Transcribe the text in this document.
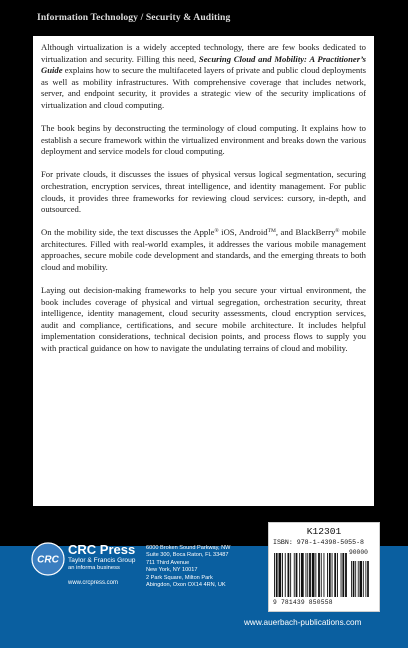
Information Technology / Security & Auditing

Although virtualization is a widely accepted technology, there are few books dedicated to virtualization and security. Filling this need, Securing Cloud and Mobility: A Practitioner’s Guide explains how to secure the multifaceted layers of private and public cloud deployments as well as mobility infrastructures. With comprehensive coverage that includes network, server, and endpoint security, it provides a strategic view of the security implications of virtualization and cloud computing.

The book begins by deconstructing the terminology of cloud computing. It explains how to establish a secure framework within the virtualized environment and breaks down the various deployment and service models for cloud computing.

For private clouds, it discusses the issues of physical versus logical segmentation, securing orchestration, encryption services, threat intelligence, and identity management. For public clouds, it provides three frameworks for reviewing cloud services: cursory, in-depth, and outsourced.

On the mobility side, the text discusses the Apple® iOS, Android™, and BlackBerry® mobile architectures. Filled with real-world examples, it addresses the various mobile management approaches, secure mobile code development and standards, and the emerging threats to both cloud and mobility.

Laying out decision-making frameworks to help you secure your virtual environment, the book includes coverage of physical and virtual segregation, orchestration security, threat intelligence, identity management, cloud security assessments, cloud encryption services, audit and compliance, certifications, and secure mobile architecture. It includes helpful implementation considerations, technical decision points, and process flows to supply you with practical guidance on how to navigate the undulating terrains of cloud and mobility.

CRC
CRC Press
Taylor & Francis Group
an informa business
www.crcpress.com
6000 Broken Sound Parkway, NW
Suite 300, Boca Raton, FL 33487
711 Third Avenue
New York, NY 10017
2 Park Square, Milton Park
Abingdon, Oxon OX14 4RN, UK
K12301
ISBN: 978-1-4398-5055-8
90000
9 781439 850558
www.auerbach-publications.com
